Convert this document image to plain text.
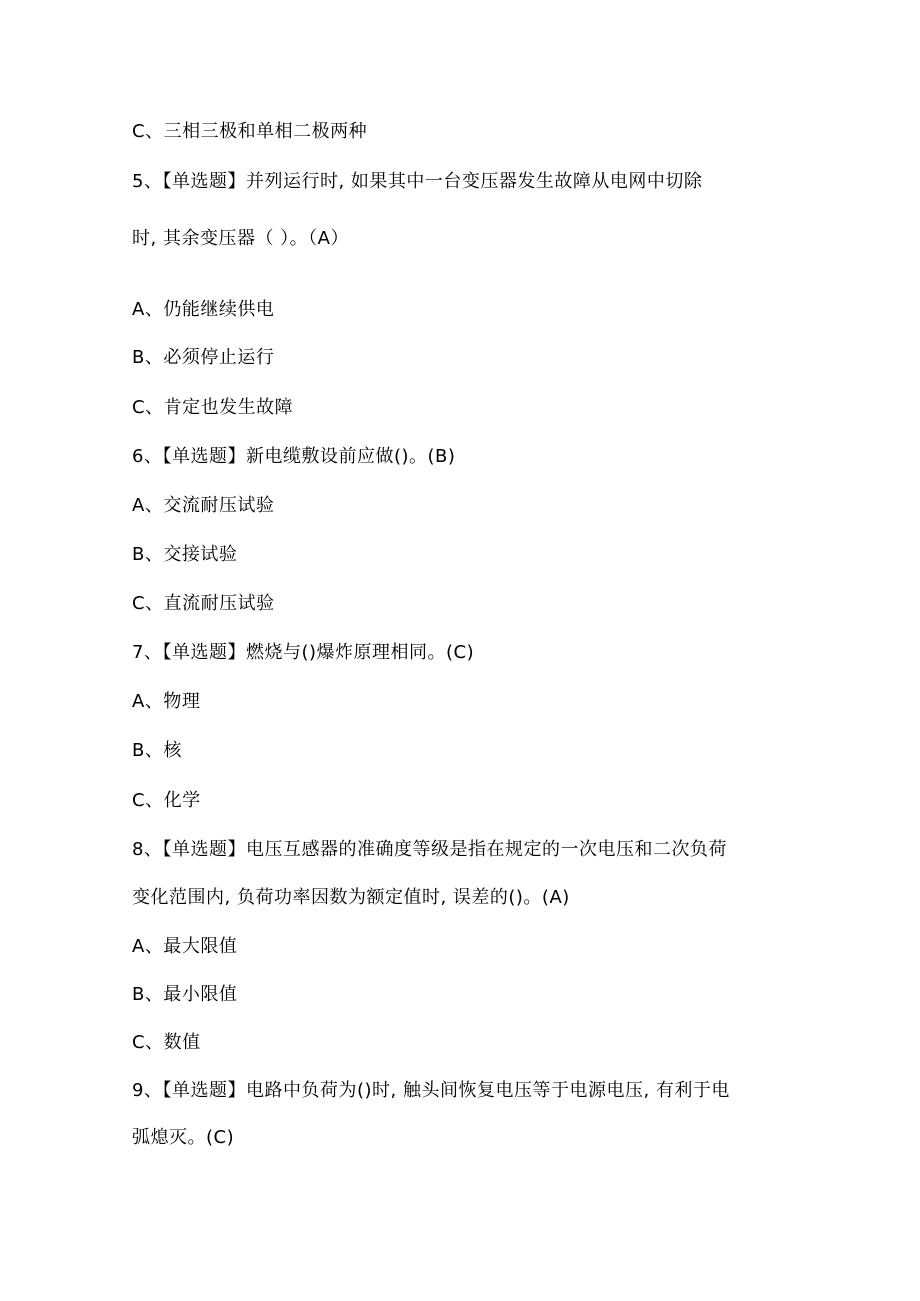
C、三相三极和单相二极两种
5、【单选题】并列运行时, 如果其中一台变压器发生故障从电网中切除
时, 其余变压器（ ）。（A）
A、仍能继续供电
B、必须停止运行
C、肯定也发生故障
6、【单选题】新电缆敷设前应做()。(B)
A、交流耐压试验
B、交接试验
C、直流耐压试验
7、【单选题】燃烧与()爆炸原理相同。(C)
A、物理
B、核
C、化学
8、【单选题】电压互感器的准确度等级是指在规定的一次电压和二次负荷
变化范围内, 负荷功率因数为额定值时, 误差的()。(A)
A、最大限值
B、最小限值
C、数值
9、【单选题】电路中负荷为()时, 触头间恢复电压等于电源电压, 有利于电
弧熄灭。(C)
